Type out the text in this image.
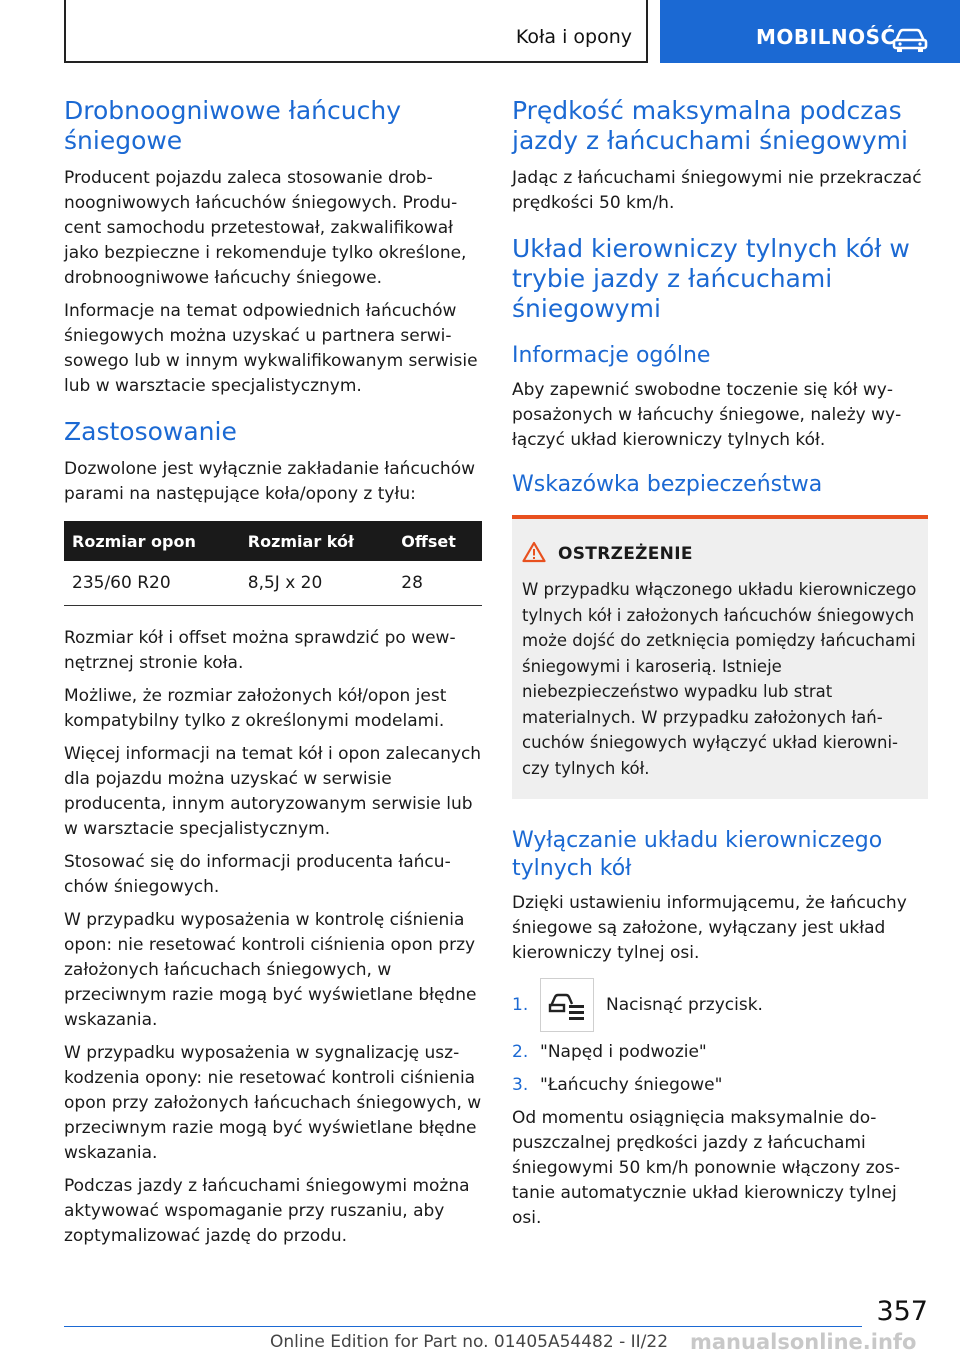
Koła i opony	MOBILNOŚĆ
Drobnoogniwowe łańcuchy śniegowe

Producent pojazdu zaleca stosowanie drobnoogniwowych łańcuchów śniegowych. Producent samochodu przetestował, zakwalifikował jako bezpieczne i rekomenduje tylko określone, drobnoogniwowe łańcuchy śniegowe.

Informacje na temat odpowiednich łańcuchów śniegowych można uzyskać u partnera serwisowego lub w innym wykwalifikowanym serwisie lub w warsztacie specjalistycznym.

Zastosowanie

Dozwolone jest wyłącznie zakładanie łańcuchów parami na następujące koła/opony z tyłu:

Rozmiar opon	Rozmiar kół	Offset
235/60 R20	8,5J x 20	28

Rozmiar kół i offset można sprawdzić po wewnętrznej stronie koła.

Możliwe, że rozmiar założonych kół/opon jest kompatybilny tylko z określonymi modelami.

Więcej informacji na temat kół i opon zalecanych dla pojazdu można uzyskać w serwisie producenta, innym autoryzowanym serwisie lub w warsztacie specjalistycznym.

Stosować się do informacji producenta łańcuchów śniegowych.

W przypadku wyposażenia w kontrolę ciśnienia opon: nie resetować kontroli ciśnienia opon przy założonych łańcuchach śniegowych, w przeciwnym razie mogą być wyświetlane błędne wskazania.

W przypadku wyposażenia w sygnalizację uszkodzenia opony: nie resetować kontroli ciśnienia opon przy założonych łańcuchach śniegowych, w przeciwnym razie mogą być wyświetlane błędne wskazania.

Podczas jazdy z łańcuchami śniegowymi można aktywować wspomaganie przy ruszaniu, aby zoptymalizować jazdę do przodu.

Prędkość maksymalna podczas jazdy z łańcuchami śniegowymi

Jadąc z łańcuchami śniegowymi nie przekraczać prędkości 50 km/h.

Układ kierowniczy tylnych kół w trybie jazdy z łańcuchami śniegowymi
Informacje ogólne

Aby zapewnić swobodne toczenie się kół wyposażonych w łańcuchy śniegowe, należy wyłączyć układ kierowniczy tylnych kół.

Wskazówka bezpieczeństwa
OSTRZEŻENIE

W przypadku włączonego układu kierowniczego tylnych kół i założonych łańcuchów śniegowych może dojść do zetknięcia pomiędzy łańcuchami śniegowymi i karoserią. Istnieje niebezpieczeństwo wypadku lub strat materialnych. W przypadku założonych łańcuchów śniegowych wyłączyć układ kierowniczy tylnych kół.

Wyłączanie układu kierowniczego tylnych kół

Dzięki ustawieniu informującemu, że łańcuchy śniegowe są założone, wyłączany jest układ kierowniczy tylnej osi.

1.	Nacisnąć przycisk.
2. "Napęd i podwozie"
3. "Łańcuchy śniegowe"

Od momentu osiągnięcia maksymalnie dopuszczalnej prędkości jazdy z łańcuchami śniegowymi 50 km/h ponownie włączony zostanie automatycznie układ kierowniczy tylnej osi.

357
Online Edition for Part no. 01405A54482 - II/22 manualsonline.info
